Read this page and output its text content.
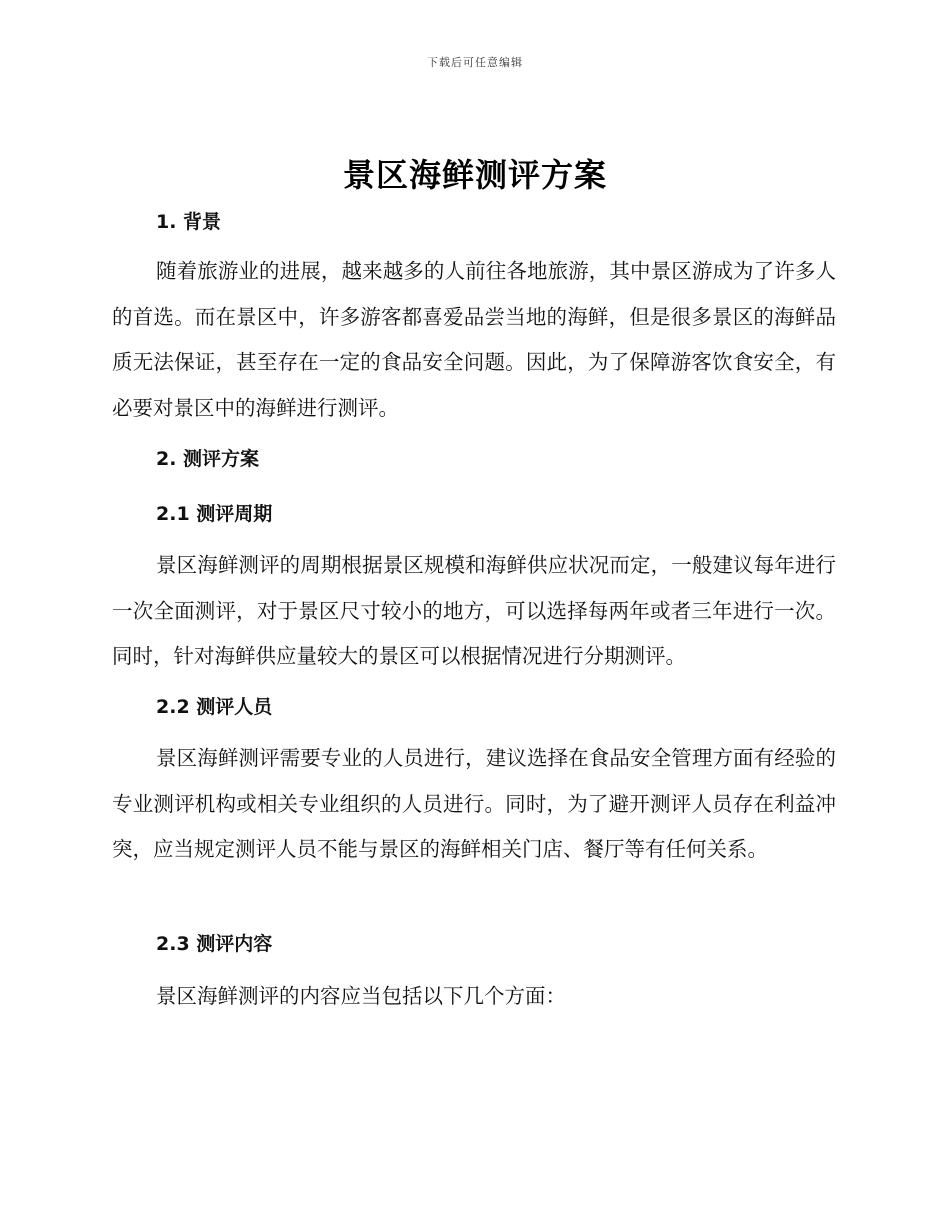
下载后可任意编辑
景区海鲜测评方案
1. 背景

随着旅游业的进展，越来越多的人前往各地旅游，其中景区游成为了许多人的首选。而在景区中，许多游客都喜爱品尝当地的海鲜，但是很多景区的海鲜品质无法保证，甚至存在一定的食品安全问题。因此，为了保障游客饮食安全，有必要对景区中的海鲜进行测评。

2. 测评方案
2.1 测评周期

景区海鲜测评的周期根据景区规模和海鲜供应状况而定，一般建议每年进行一次全面测评，对于景区尺寸较小的地方，可以选择每两年或者三年进行一次。同时，针对海鲜供应量较大的景区可以根据情况进行分期测评。

2.2 测评人员

景区海鲜测评需要专业的人员进行，建议选择在食品安全管理方面有经验的专业测评机构或相关专业组织的人员进行。同时，为了避开测评人员存在利益冲突，应当规定测评人员不能与景区的海鲜相关门店、餐厅等有任何关系。

2.3 测评内容

景区海鲜测评的内容应当包括以下几个方面：
